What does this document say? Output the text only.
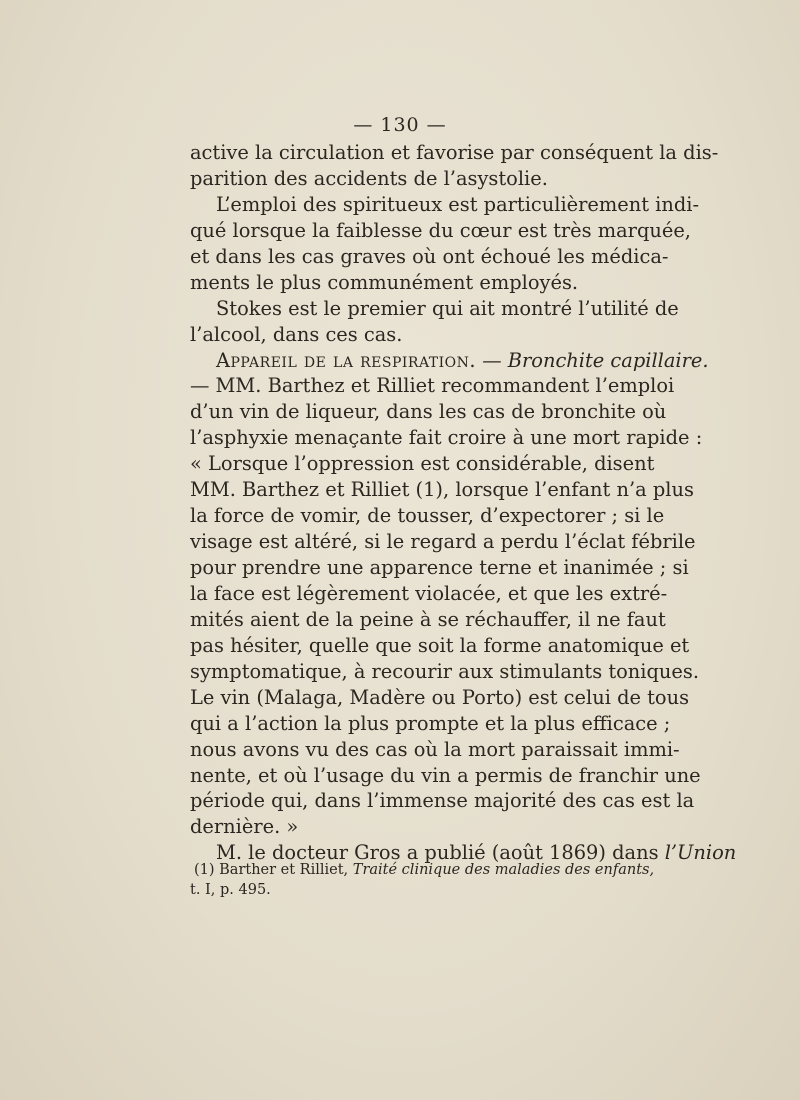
— 130 —
active la circulation et favorise par conséquent la dis-
parition des accidents de l’asystolie.
L’emploi des spiritueux est particulièrement indi-
qué lorsque la faiblesse du cœur est très marquée,
et dans les cas graves où ont échoué les médica-
ments le plus communément employés.
Stokes est le premier qui ait montré l’utilité de
l’alcool, dans ces cas.
Appareil de la respiration. — Bronchite capillaire.
— MM. Barthez et Rilliet recommandent l’emploi
d’un vin de liqueur, dans les cas de bronchite où
l’asphyxie menaçante fait croire à une mort rapide :
« Lorsque l’oppression est considérable, disent
MM. Barthez et Rilliet (1), lorsque l’enfant n’a plus
la force de vomir, de tousser, d’expectorer ; si le
visage est altéré, si le regard a perdu l’éclat fébrile
pour prendre une apparence terne et inanimée ; si
la face est légèrement violacée, et que les extré-
mités aient de la peine à se réchauffer, il ne faut
pas hésiter, quelle que soit la forme anatomique et
symptomatique, à recourir aux stimulants toniques.
Le vin (Malaga, Madère ou Porto) est celui de tous
qui a l’action la plus prompte et la plus efficace ;
nous avons vu des cas où la mort paraissait immi-
nente, et où l’usage du vin a permis de franchir une
période qui, dans l’immense majorité des cas est la
dernière. »
M. le docteur Gros a publié (août 1869) dans l’Union
(1) Barther et Rilliet, Traité clinique des maladies des enfants,
t. I, p. 495.
